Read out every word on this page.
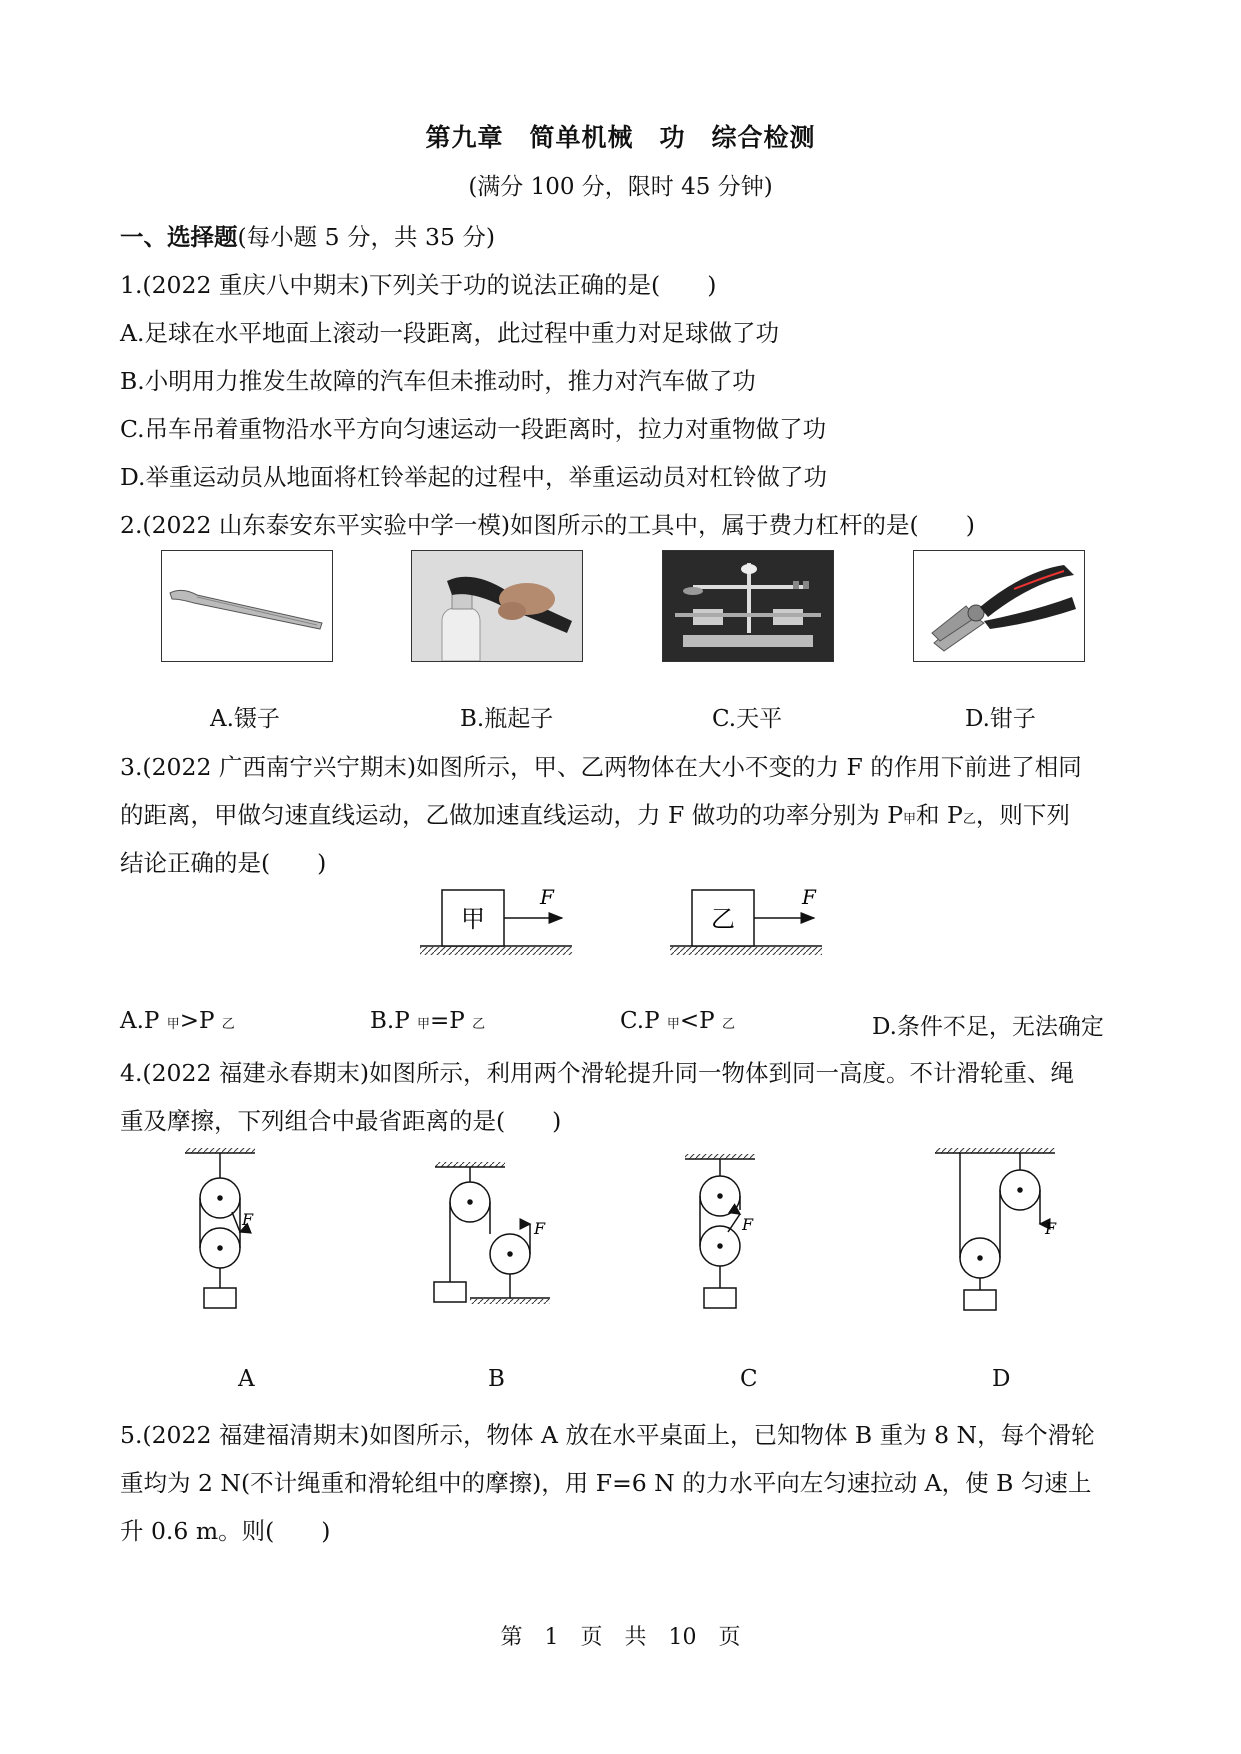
第九章　简单机械　功　综合检测
(满分 100 分，限时 45 分钟)
一、选择题(每小题 5 分，共 35 分)
1.(2022 重庆八中期末)下列关于功的说法正确的是(　　)
A.足球在水平地面上滚动一段距离，此过程中重力对足球做了功
B.小明用力推发生故障的汽车但未推动时，推力对汽车做了功
C.吊车吊着重物沿水平方向匀速运动一段距离时，拉力对重物做了功
D.举重运动员从地面将杠铃举起的过程中，举重运动员对杠铃做了功
2.(2022 山东泰安东平实验中学一模)如图所示的工具中，属于费力杠杆的是(　　)
A.镊子	B.瓶起子	C.天平	D.钳子
3.(2022 广西南宁兴宁期末)如图所示，甲、乙两物体在大小不变的力 F 的作用下前进了相同
的距离，甲做匀速直线运动，乙做加速直线运动，力 F 做功的功率分别为 P甲和 P乙，则下列
结论正确的是(　　)
甲
F
乙
F
A.P 甲>P 乙	B.P 甲=P 乙	C.P 甲<P 乙	D.条件不足，无法确定
4.(2022 福建永春期末)如图所示，利用两个滑轮提升同一物体到同一高度。不计滑轮重、绳
重及摩擦，下列组合中最省距离的是(　　)
F	F	F	F
A	B	C	D
5.(2022 福建福清期末)如图所示，物体 A 放在水平桌面上，已知物体 B 重为 8 N，每个滑轮
重均为 2 N(不计绳重和滑轮组中的摩擦)，用 F=6 N 的力水平向左匀速拉动 A，使 B 匀速上
升 0.6 m。则(　　)
第　1　页　共　10　页
